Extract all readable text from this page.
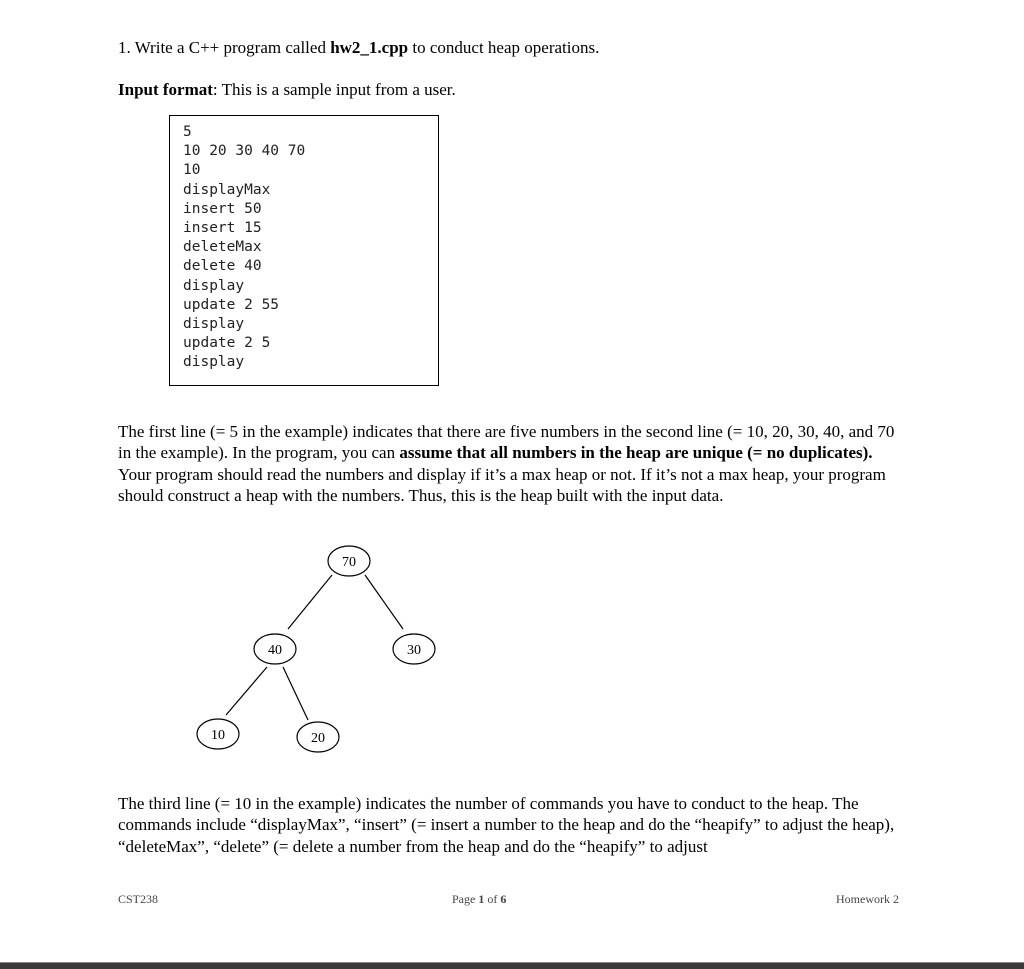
1. Write a C++ program called hw2_1.cpp to conduct heap operations.
Input format: This is a sample input from a user.
5
10 20 30 40 70
10
displayMax
insert 50
insert 15
deleteMax
delete 40
display
update 2 55
display
update 2 5
display
The first line (= 5 in the example) indicates that there are five numbers in the second line (= 10, 20, 30, 40, and 70 in the example). In the program, you can assume that all numbers in the heap are unique (= no duplicates). Your program should read the numbers and display if it’s a max heap or not. If it’s not a max heap, your program should construct a heap with the numbers. Thus, this is the heap built with the input data.
70
40	30
10	20
The third line (= 10 in the example) indicates the number of commands you have to conduct to the heap. The commands include “displayMax”, “insert” (= insert a number to the heap and do the “heapify” to adjust the heap), “deleteMax”, “delete” (= delete a number from the heap and do the “heapify” to adjust
CST238	Page 1 of 6	Homework 2
